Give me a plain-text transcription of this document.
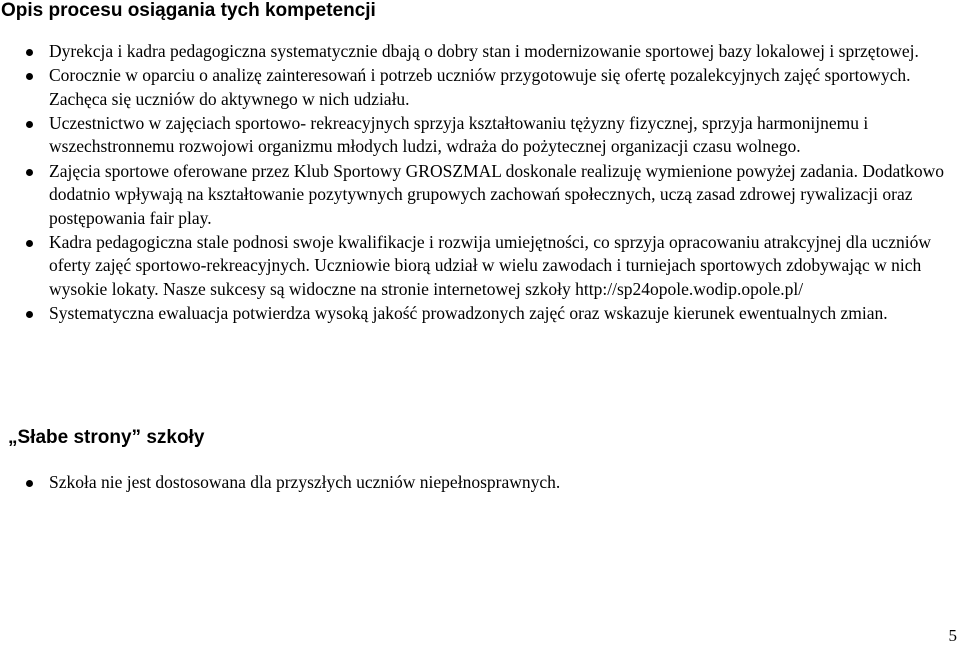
Opis procesu osiągania tych kompetencji
Dyrekcja i kadra pedagogiczna systematycznie dbają o dobry stan i modernizowanie sportowej bazy lokalowej i sprzętowej.
Corocznie w oparciu o analizę zainteresowań i potrzeb uczniów przygotowuje się ofertę pozalekcyjnych zajęć sportowych. Zachęca się uczniów do aktywnego w nich udziału.
Uczestnictwo w zajęciach sportowo- rekreacyjnych sprzyja kształtowaniu tężyzny fizycznej, sprzyja harmonijnemu i wszechstronnemu rozwojowi organizmu młodych ludzi, wdraża do pożytecznej organizacji czasu wolnego.
Zajęcia sportowe oferowane przez Klub Sportowy GROSZMAL doskonale realizuję wymienione powyżej zadania. Dodatkowo dodatnio wpływają na kształtowanie pozytywnych grupowych zachowań społecznych, uczą zasad zdrowej rywalizacji oraz postępowania fair play.
Kadra pedagogiczna stale podnosi swoje kwalifikacje i rozwija umiejętności, co sprzyja opracowaniu atrakcyjnej dla uczniów oferty zajęć sportowo-rekreacyjnych. Uczniowie biorą udział w wielu zawodach i turniejach sportowych zdobywając w nich wysokie lokaty. Nasze sukcesy są widoczne na stronie internetowej szkoły http://sp24opole.wodip.opole.pl/
Systematyczna ewaluacja potwierdza wysoką jakość prowadzonych zajęć oraz wskazuje kierunek ewentualnych zmian.
„Słabe strony” szkoły
Szkoła nie jest dostosowana dla przyszłych uczniów niepełnosprawnych.
5
